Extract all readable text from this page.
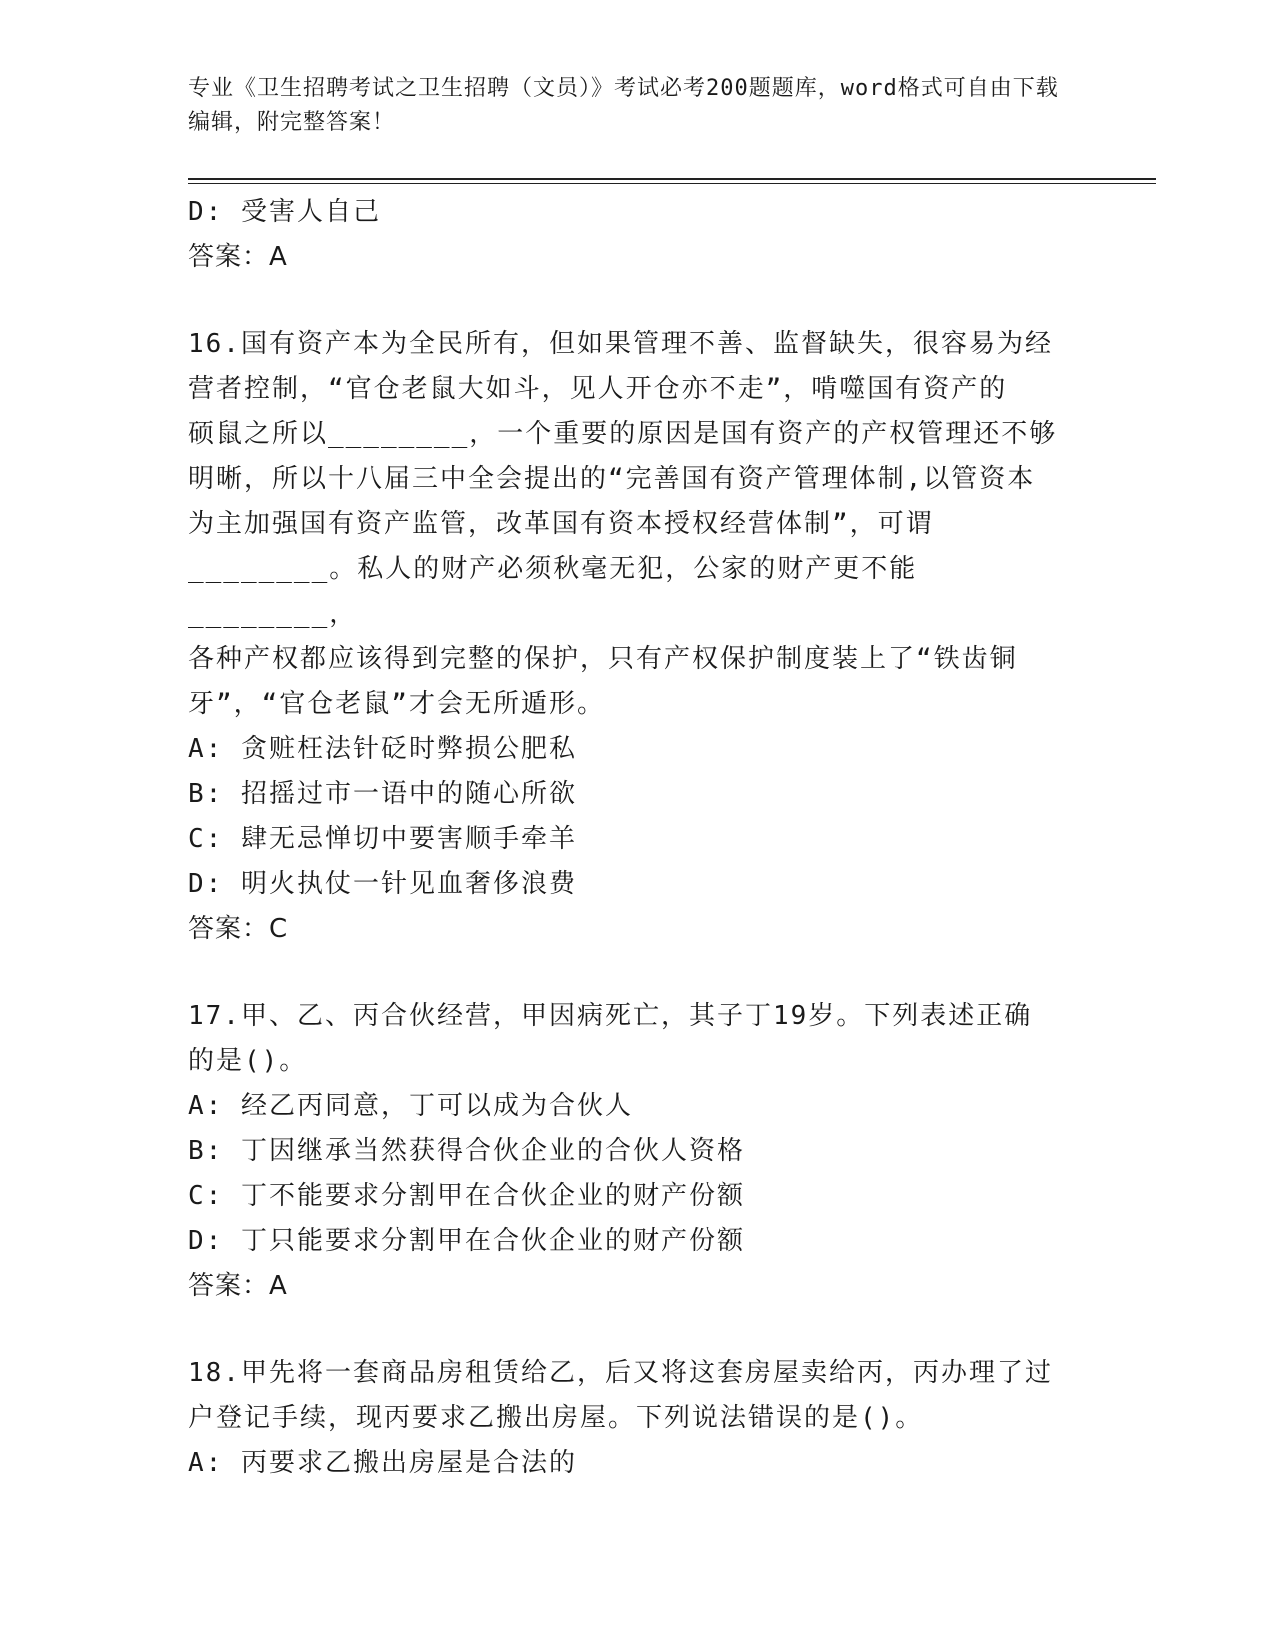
专业《卫生招聘考试之卫生招聘（文员）》考试必考200题题库，word格式可自由下载编辑，附完整答案！
D: 受害人自己
答案：A
16.国有资产本为全民所有，但如果管理不善、监督缺失，很容易为经
营者控制，“官仓老鼠大如斗，见人开仓亦不走”，啃噬国有资产的
硕鼠之所以________，一个重要的原因是国有资产的产权管理还不够
明晰，所以十八届三中全会提出的“完善国有资产管理体制,以管资本
为主加强国有资产监管，改革国有资本授权经营体制”，可谓
________。私人的财产必须秋毫无犯，公家的财产更不能________，
各种产权都应该得到完整的保护，只有产权保护制度装上了“铁齿铜
牙”，“官仓老鼠”才会无所遁形。
A: 贪赃枉法针砭时弊损公肥私
B: 招摇过市一语中的随心所欲
C: 肆无忌惮切中要害顺手牵羊
D: 明火执仗一针见血奢侈浪费
答案：C
17.甲、乙、丙合伙经营，甲因病死亡，其子丁19岁。下列表述正确
的是()。
A: 经乙丙同意，丁可以成为合伙人
B: 丁因继承当然获得合伙企业的合伙人资格
C: 丁不能要求分割甲在合伙企业的财产份额
D: 丁只能要求分割甲在合伙企业的财产份额
答案：A
18.甲先将一套商品房租赁给乙，后又将这套房屋卖给丙，丙办理了过
户登记手续，现丙要求乙搬出房屋。下列说法错误的是()。
A: 丙要求乙搬出房屋是合法的
